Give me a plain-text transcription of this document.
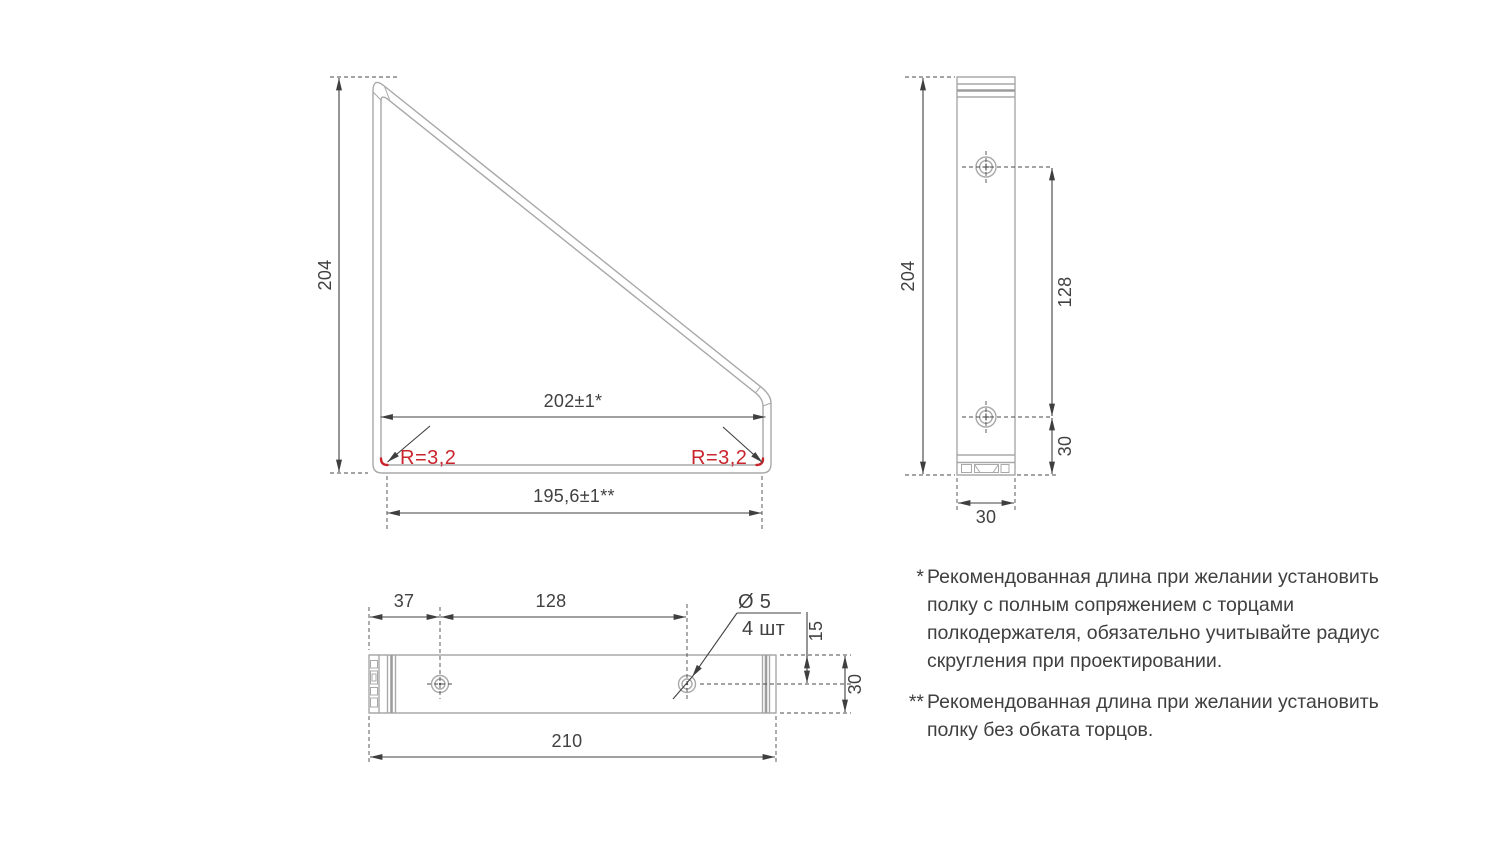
204
202±1*
195,6±1**
R=3,2	R=3,2
204
128
30
30
37	128	Ø 5
4 шт 15
30
210
* Рекомендованная длина при желании установить
полку с полным сопряжением с торцами
полкодержателя, обязательно учитывайте радиус
скругления при проектировании.
** Рекомендованная длина при желании установить
полку без обката торцов.
